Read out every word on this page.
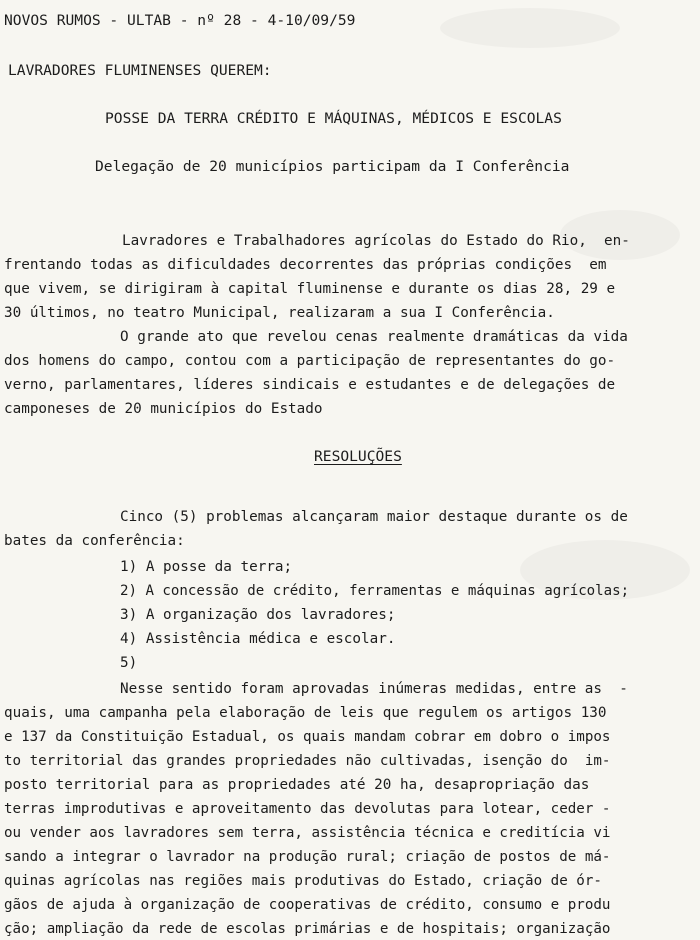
NOVOS RUMOS - ULTAB - nº 28 - 4-10/09/59
LAVRADORES FLUMINENSES QUEREM:
POSSE DA TERRA CRÉDITO E MÁQUINAS, MÉDICOS E ESCOLAS
Delegação de 20 municípios participam da I Conferência
Lavradores e Trabalhadores agrícolas do Estado do Rio,  en-
frentando todas as dificuldades decorrentes das próprias condições  em
que vivem, se dirigiram à capital fluminense e durante os dias 28, 29 e
30 últimos, no teatro Municipal, realizaram a sua I Conferência.
O grande ato que revelou cenas realmente dramáticas da vida
dos homens do campo, contou com a participação de representantes do go-
verno, parlamentares, líderes sindicais e estudantes e de delegações de
camponeses de 20 municípios do Estado
RESOLUÇÕES
Cinco (5) problemas alcançaram maior destaque durante os de
bates da conferência:
1) A posse da terra;
2) A concessão de crédito, ferramentas e máquinas agrícolas;
3) A organização dos lavradores;
4) Assistência médica e escolar.
5)
Nesse sentido foram aprovadas inúmeras medidas, entre as  -
quais, uma campanha pela elaboração de leis que regulem os artigos 130
e 137 da Constituição Estadual, os quais mandam cobrar em dobro o impos
to territorial das grandes propriedades não cultivadas, isenção do  im-
posto territorial para as propriedades até 20 ha, desapropriação das
terras improdutivas e aproveitamento das devolutas para lotear, ceder -
ou vender aos lavradores sem terra, assistência técnica e creditícia vi
sando a integrar o lavrador na produção rural; criação de postos de má-
quinas agrícolas nas regiões mais produtivas do Estado, criação de ór-
gãos de ajuda à organização de cooperativas de crédito, consumo e produ
ção; ampliação da rede de escolas primárias e de hospitais; organização
